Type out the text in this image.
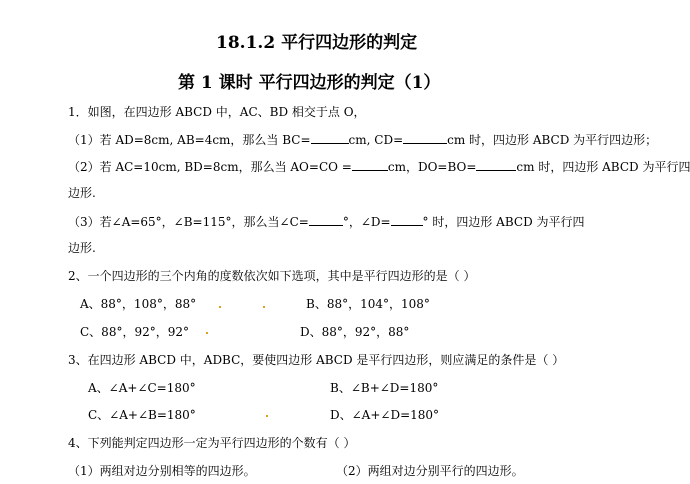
18.1.2 平行四边形的判定
第 1 课时 平行四边形的判定（1）
1．如图，在四边形 ABCD 中，AC、BD 相交于点 O，
（1）若 AD=8cm, AB=4cm，那么当 BC=	cm, CD=	cm 时，四边形 ABCD 为平行四边形；
（2）若 AC=10cm, BD=8cm，那么当 AO=CO =	cm，DO=BO=	cm 时，四边形 ABCD 为平行四
边形.
（3）若∠A=65°，∠B=115°，那么当∠C=	°，∠D=	° 时，四边形 ABCD 为平行四
边形.
2、一个四边形的三个内角的度数依次如下选项，其中是平行四边形的是（ ）
A、88°，108°，88°	B、88°，104°，108°
C、88°，92°，92°	D、88°，92°，88°
3、在四边形 ABCD 中，ADBC，要使四边形 ABCD 是平行四边形，则应满足的条件是（ ）
A、∠A+∠C=180°	B、∠B+∠D=180°
C、∠A+∠B=180°	D、∠A+∠D=180°
4、下列能判定四边形一定为平行四边形的个数有（ ）
（1）两组对边分别相等的四边形。	（2）两组对边分别平行的四边形。
